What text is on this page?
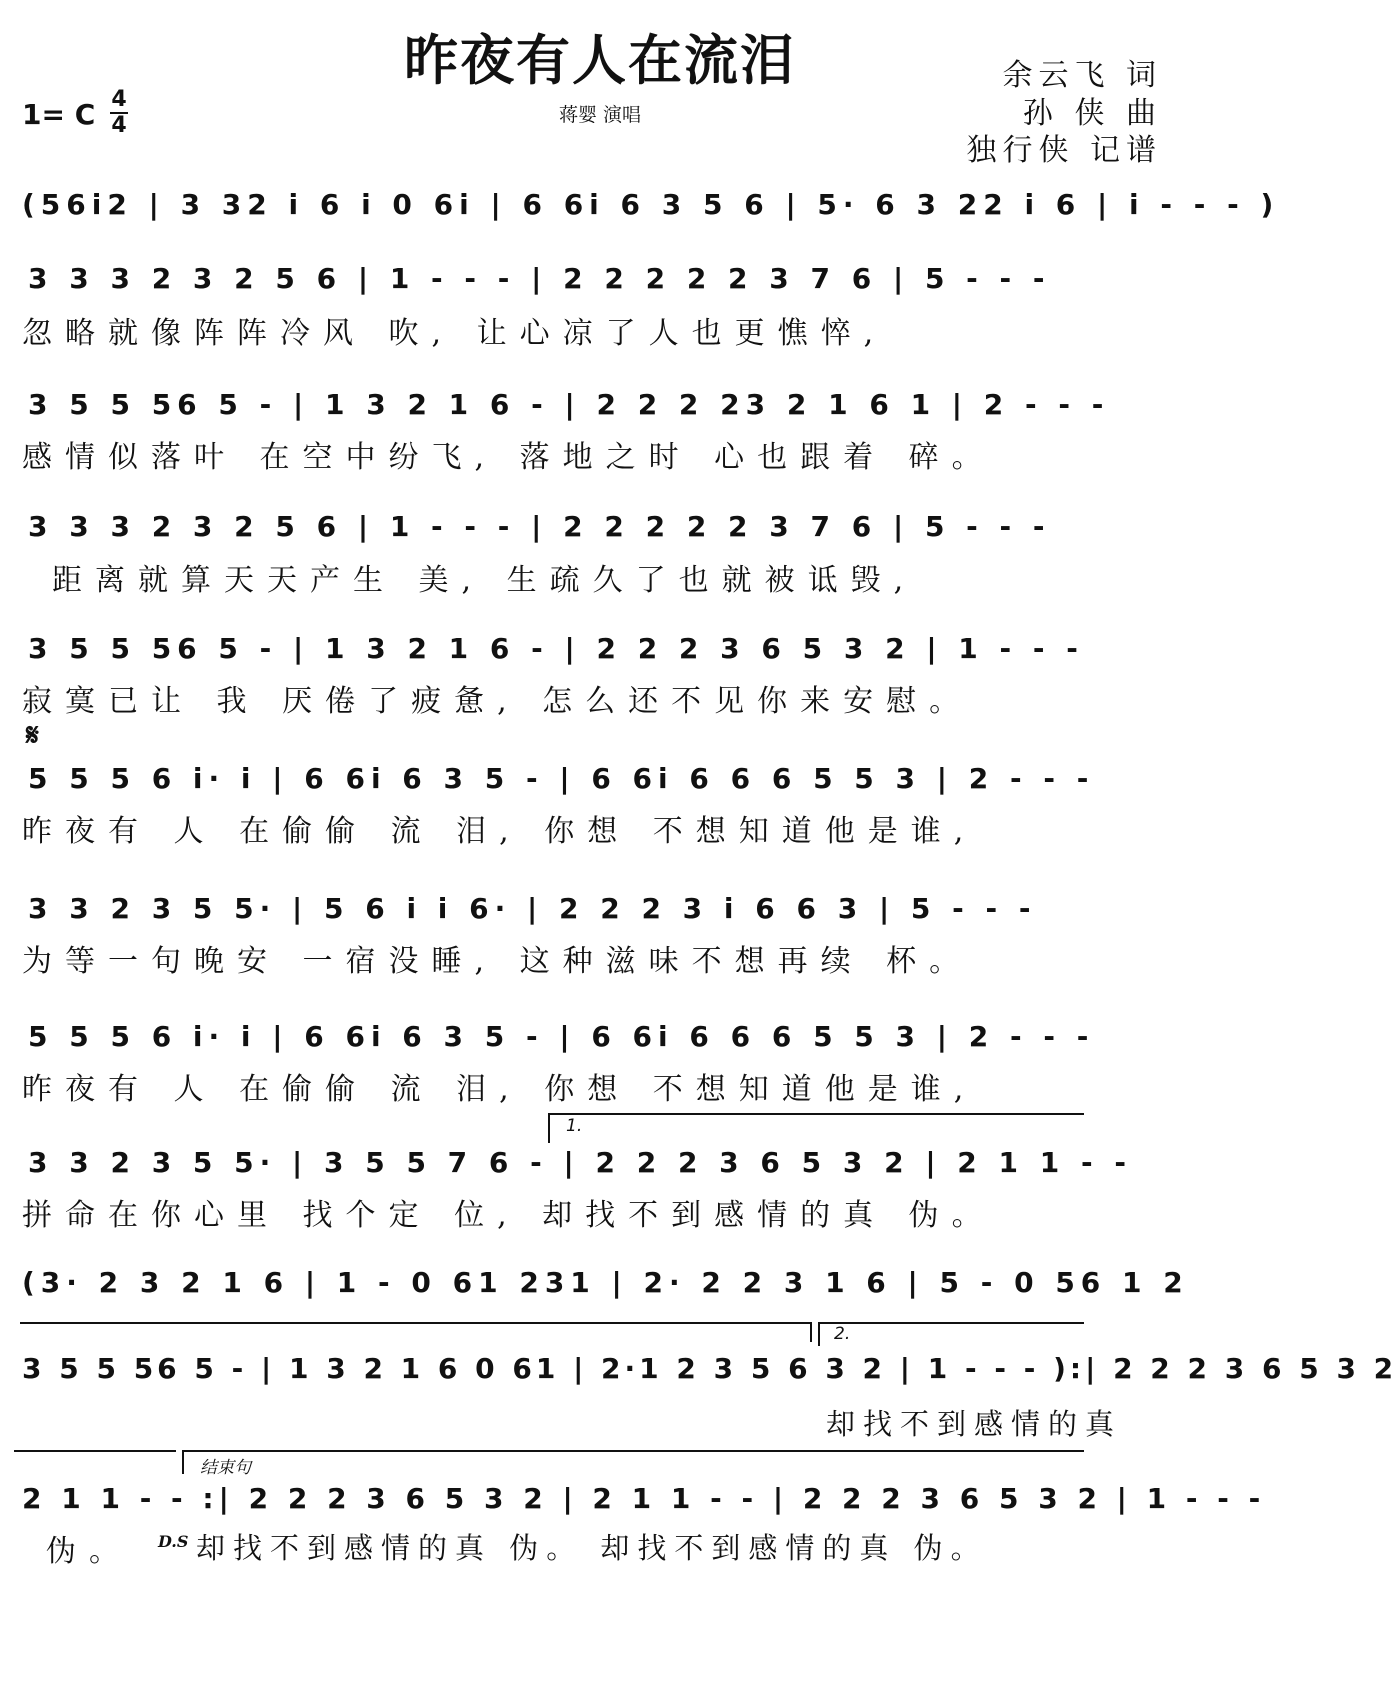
昨夜有人在流泪
蒋婴 演唱
余云飞 词
孙 侠 曲
独行侠 记谱
1= C 4
4
(56i2 | 3 32 i 6 i 0 6i | 6 6i 6 3 5 6 | 5· 6 3 22 i 6 | i - - - )
3 3 3 2 3 2 5 6 | 1 - - - | 2 2 2 2 2 3 7 6 | 5 - - -
忽略就像阵阵冷风 吹, 让心凉了人也更憔悴,
3 5 5 56 5 - | 1 3 2 1 6 - | 2 2 2 23 2 1 6 1 | 2 - - -
感情似落叶 在空中纷飞, 落地之时 心也跟着 碎。
3 3 3 2 3 2 5 6 | 1 - - - | 2 2 2 2 2 3 7 6 | 5 - - -
距离就算天天产生 美, 生疏久了也就被诋毁,
3 5 5 56 5 - | 1 3 2 1 6 - | 2 2 2 3 6 5 3 2 | 1 - - -
寂寞已让 我 厌倦了疲惫, 怎么还不见你来安慰。
𝄋
5 5 5 6 i· i | 6 6i 6 3 5 - | 6 6i 6 6 6 5 5 3 | 2 - - -
昨夜有 人 在偷偷 流 泪, 你想 不想知道他是谁,
3 3 2 3 5 5· | 5 6 i i 6· | 2 2 2 3 i 6 6 3 | 5 - - -
为等一句晚安 一宿没睡, 这种滋味不想再续 杯。
5 5 5 6 i· i | 6 6i 6 3 5 - | 6 6i 6 6 6 5 5 3 | 2 - - -
昨夜有 人 在偷偷 流 泪, 你想 不想知道他是谁,
1.
3 3 2 3 5 5· | 3 5 5 7 6 - | 2 2 2 3 6 5 3 2 | 2 1 1 - -
拼命在你心里 找个定 位, 却找不到感情的真 伪。
(3· 2 3 2 1 6 | 1 - 0 61 231 | 2· 2 2 3 1 6 | 5 - 0 56 1 2
2.
3 5 5 56 5 - | 1 3 2 1 6 0 61 | 2·1 2 3 5 6 3 2 | 1 - - - ):| 2 2 2 3 6 5 3 2
却找不到感情的真
结束句
2 1 1 - - :| 2 2 2 3 6 5 3 2 | 2 1 1 - - | 2 2 2 3 6 5 3 2 | 1 - - -
伪。 D.S 却找不到感情的真 伪。 却找不到感情的真 伪。
